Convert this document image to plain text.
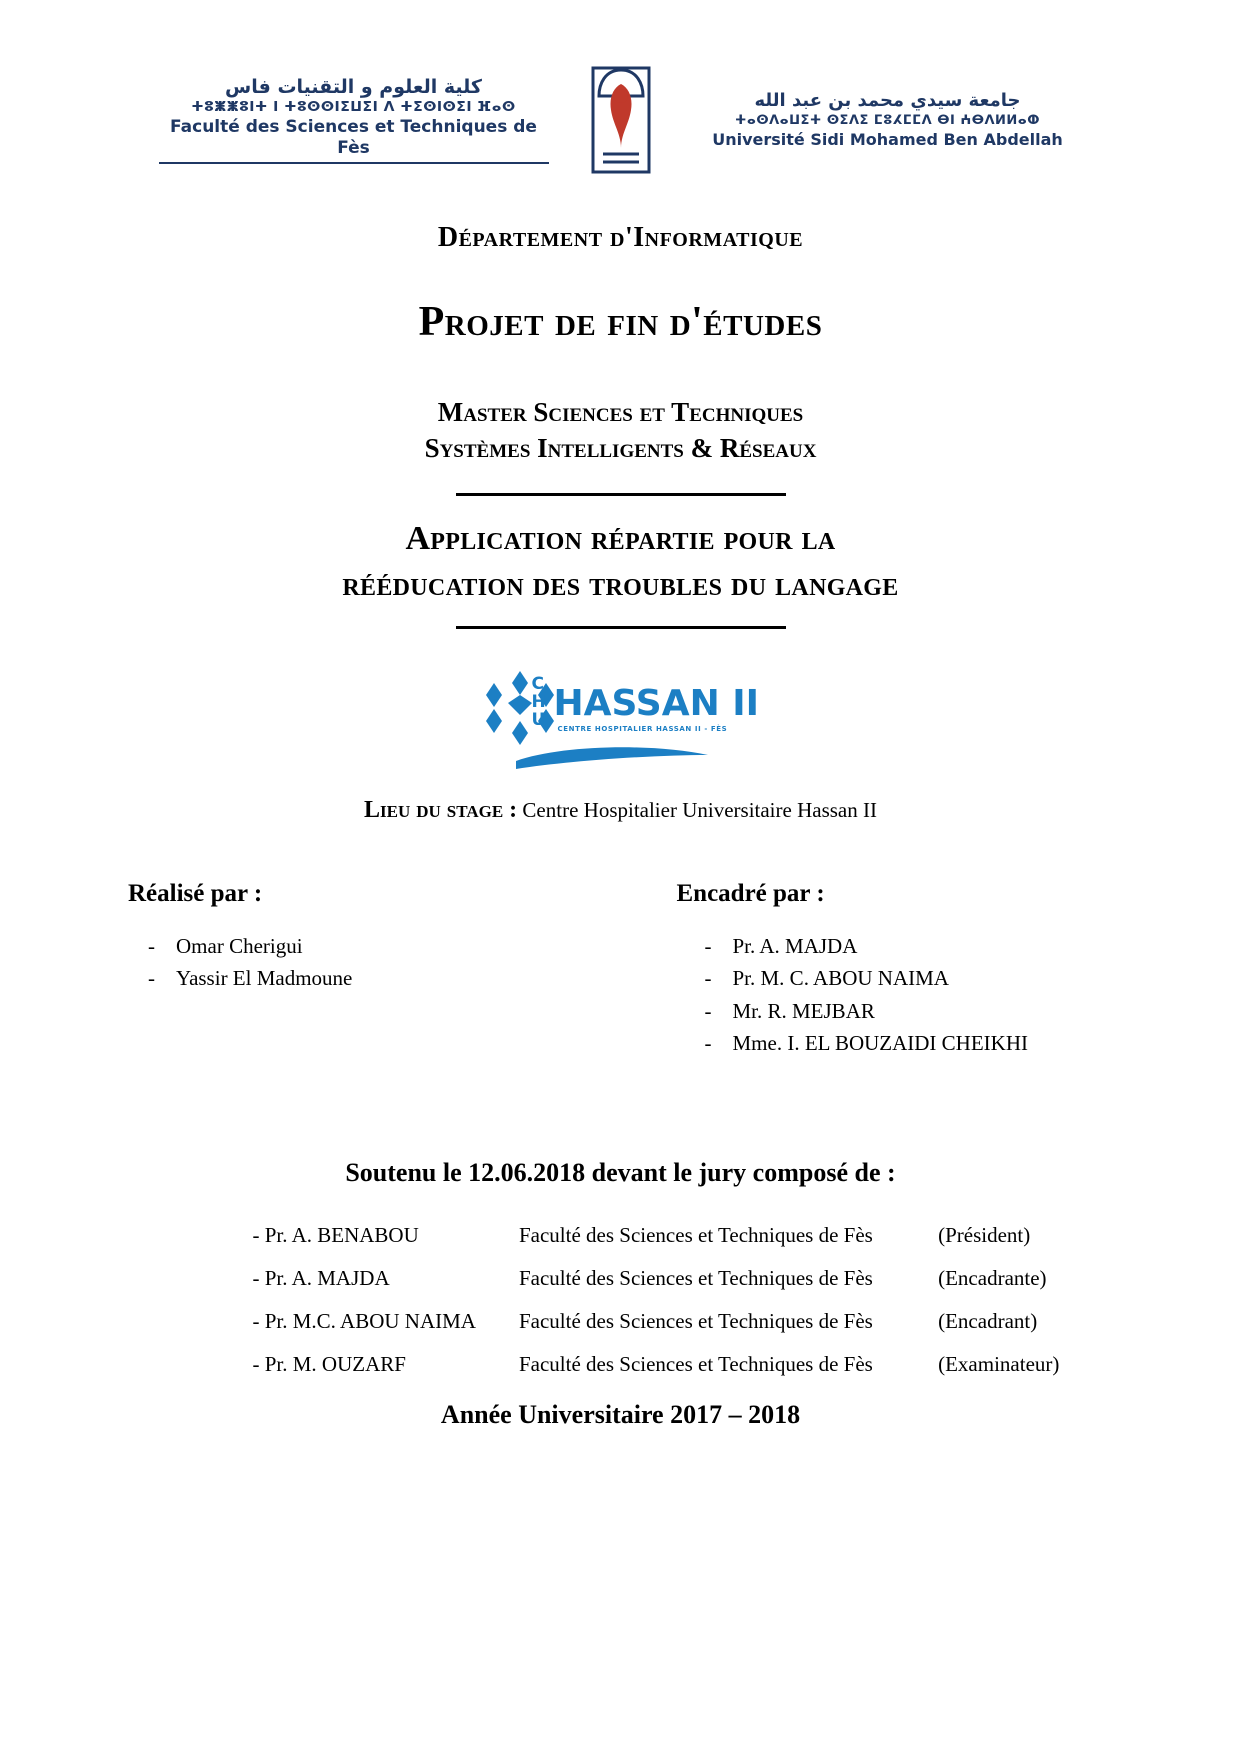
كلية العلوم و التقنيات فاس
ⵜⵓⵥⵥⵓⵏⵜ ⵏ ⵜⵓⵙⵙⵏⵉⵡⵉⵏ ⴷ ⵜⵉⵙⵏⵙⵉⵏ ⴼⴰⵙ
Faculté des Sciences et Techniques de Fès
جامعة سيدي محمد بن عبد الله
ⵜⴰⵙⴷⴰⵡⵉⵜ ⵙⵉⴷⵉ ⵎⵓⵃⵎⵎⴷ ⴱⵏ ⵄⴱⴷⵍⵍⴰⵀ
Université Sidi Mohamed Ben Abdellah
Département d'Informatique
Projet de fin d'études
Master Sciences et Techniques
Systèmes Intelligents & Réseaux
Application répartie pour la
rééducation des troubles du langage
C
H
U HASSAN II
CENTRE HOSPITALIER HASSAN II - FÈS
Lieu du stage : Centre Hospitalier Universitaire Hassan II
Réalisé par :
- Omar Cherigui
- Yassir El Madmoune
Encadré par :
- Pr. A. MAJDA
- Pr. M. C. ABOU NAIMA
- Mr. R. MEJBAR
- Mme. I. EL BOUZAIDI CHEIKHI
Soutenu le 12.06.2018 devant le jury composé de :
- Pr. A. BENABOU	Faculté des Sciences et Techniques de Fès	(Président)
- Pr. A. MAJDA	Faculté des Sciences et Techniques de Fès	(Encadrante)
- Pr. M.C. ABOU NAIMA	Faculté des Sciences et Techniques de Fès	(Encadrant)
- Pr. M. OUZARF	Faculté des Sciences et Techniques de Fès	(Examinateur)
Année Universitaire 2017 – 2018
